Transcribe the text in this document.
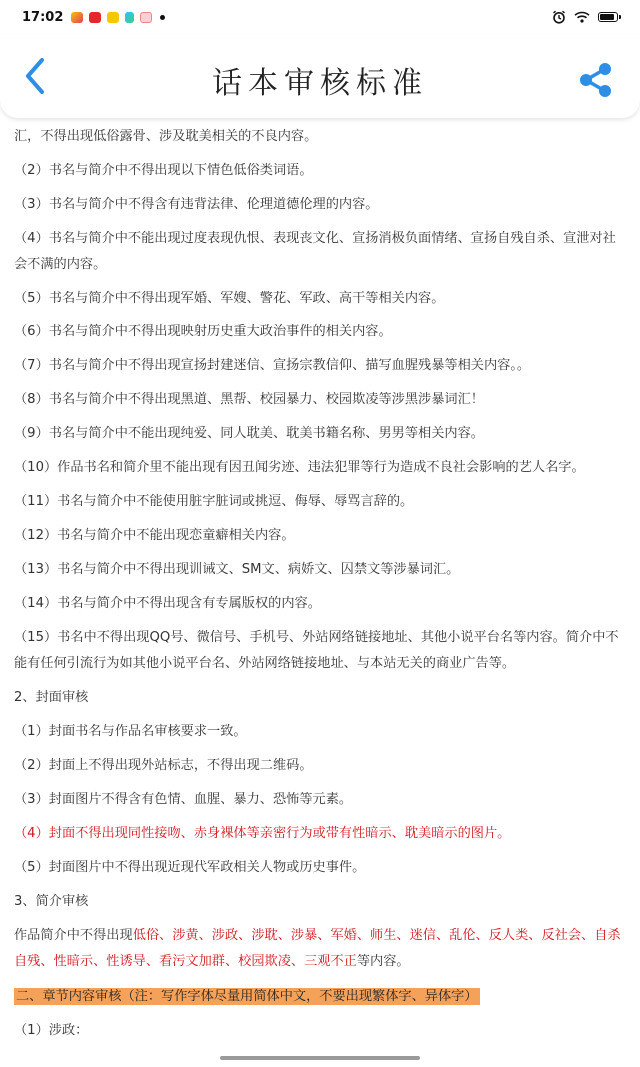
17:02
话本审核标准

汇，不得出现低俗露骨、涉及耽美相关的不良内容。

（2）书名与简介中不得出现以下情色低俗类词语。

（3）书名与简介中不得含有违背法律、伦理道德伦理的内容。

（4）书名与简介中不能出现过度表现仇恨、表现丧文化、宣扬消极负面情绪、宣扬自残自杀、宣泄对社会不满的内容。

（5）书名与简介中不得出现军婚、军嫂、警花、军政、高干等相关内容。

（6）书名与简介中不得出现映射历史重大政治事件的相关内容。

（7）书名与简介中不得出现宣扬封建迷信、宣扬宗教信仰、描写血腥残暴等相关内容。。

（8）书名与简介中不得出现黑道、黑帮、校园暴力、校园欺凌等涉黑涉暴词汇！

（9）书名与简介中不能出现纯爱、同人耽美、耽美书籍名称、男男等相关内容。

（10）作品书名和简介里不能出现有因丑闻劣迹、违法犯罪等行为造成不良社会影响的艺人名字。

（11）书名与简介中不能使用脏字脏词或挑逗、侮辱、辱骂言辞的。

（12）书名与简介中不能出现恋童癖相关内容。

（13）书名与简介中不得出现训诫文、SM文、病娇文、囚禁文等涉暴词汇。

（14）书名与简介中不得出现含有专属版权的内容。

（15）书名中不得出现QQ号、微信号、手机号、外站网络链接地址、其他小说平台名等内容。简介中不能有任何引流行为如其他小说平台名、外站网络链接地址、与本站无关的商业广告等。

2、封面审核

（1）封面书名与作品名审核要求一致。

（2）封面上不得出现外站标志，不得出现二维码。

（3）封面图片不得含有色情、血腥、暴力、恐怖等元素。

（4）封面不得出现同性接吻、赤身裸体等亲密行为或带有性暗示、耽美暗示的图片。

（5）封面图片中不得出现近现代军政相关人物或历史事件。

3、简介审核

作品简介中不得出现低俗、涉黄、涉政、涉耽、涉暴、军婚、师生、迷信、乱伦、反人类、反社会、自杀自残、性暗示、性诱导、看污文加群、校园欺凌、三观不正等内容。

二、章节内容审核（注：写作字体尽量用简体中文，不要出现繁体字、异体字）

（1）涉政：
